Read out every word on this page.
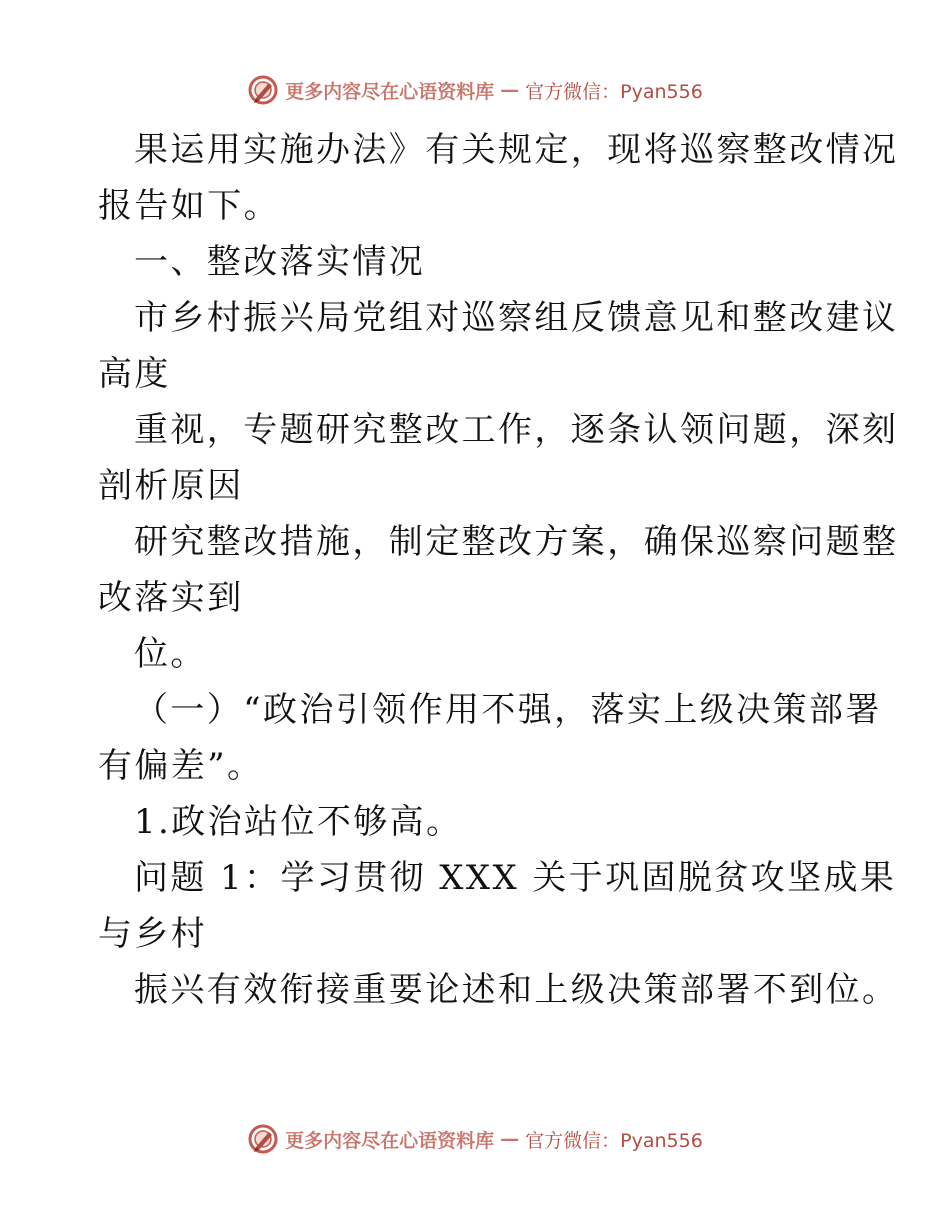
更多内容尽在心语资料库 — 官方微信：Pyan556
果运用实施办法》有关规定，现将巡察整改情况
报告如下。
一、整改落实情况
市乡村振兴局党组对巡察组反馈意见和整改建议
高度
重视，专题研究整改工作，逐条认领问题，深刻
剖析原因
研究整改措施，制定整改方案，确保巡察问题整
改落实到
位。
（一）“政治引领作用不强，落实上级决策部署
有偏差”。
1.政治站位不够高。
问题 1：学习贯彻 XXX 关于巩固脱贫攻坚成果
与乡村
振兴有效衔接重要论述和上级决策部署不到位。
更多内容尽在心语资料库 — 官方微信：Pyan556
